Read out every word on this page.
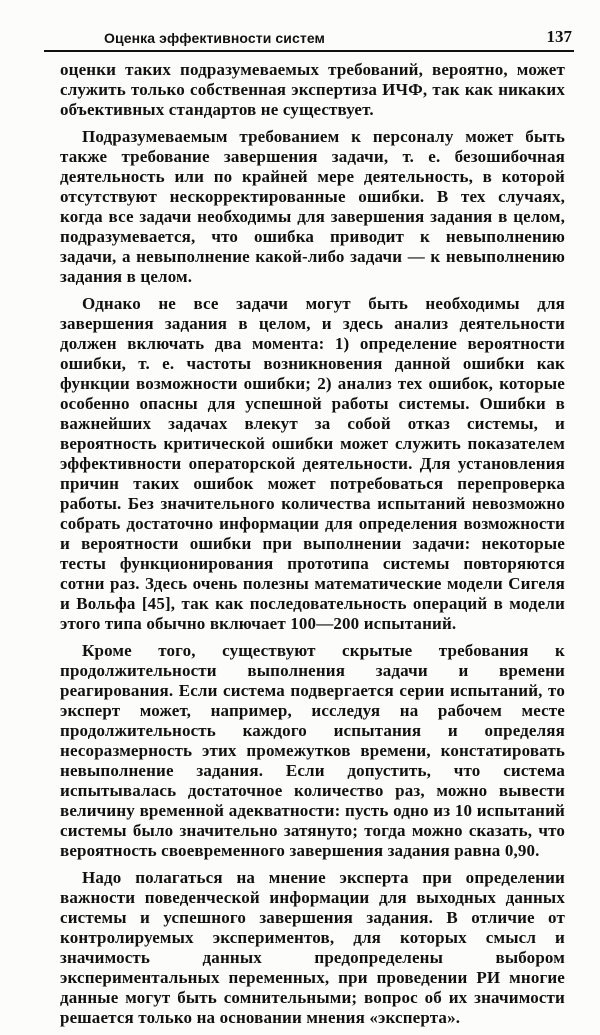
Оценка эффективности систем	137

оценки таких подразумеваемых требований, вероятно, может служить только собственная экспертиза ИЧФ, так как никаких объективных стандартов не существует.

Подразумеваемым требованием к персоналу может быть также требование завершения задачи, т. е. безошибочная деятельность или по крайней мере деятельность, в которой отсутствуют нескорректированные ошибки. В тех случаях, когда все задачи необходимы для завершения задания в целом, подразумевается, что ошибка приводит к невыполнению задачи, а невыполнение какой-либо задачи — к невыполнению задания в целом.

Однако не все задачи могут быть необходимы для завершения задания в целом, и здесь анализ деятельности должен включать два момента: 1) определение вероятности ошибки, т. е. частоты возникновения данной ошибки как функции возможности ошибки; 2) анализ тех ошибок, которые особенно опасны для успешной работы системы. Ошибки в важнейших задачах влекут за собой отказ системы, и вероятность критической ошибки может служить показателем эффективности операторской деятельности. Для установления причин таких ошибок может потребоваться перепроверка работы. Без значительного количества испытаний невозможно собрать достаточно информации для определения возможности и вероятности ошибки при выполнении задачи: некоторые тесты функционирования прототипа системы повторяются сотни раз. Здесь очень полезны математические модели Сигеля и Вольфа [45], так как последовательность операций в модели этого типа обычно включает 100—200 испытаний.

Кроме того, существуют скрытые требования к продолжительности выполнения задачи и времени реагирования. Если система подвергается серии испытаний, то эксперт может, например, исследуя на рабочем месте продолжительность каждого испытания и определяя несоразмерность этих промежутков времени, констатировать невыполнение задания. Если допустить, что система испытывалась достаточное количество раз, можно вывести величину временной адекватности: пусть одно из 10 испытаний системы было значительно затянуто; тогда можно сказать, что вероятность своевременного завершения задания равна 0,90.

Надо полагаться на мнение эксперта при определении важности поведенческой информации для выходных данных системы и успешного завершения задания. В отличие от контролируемых экспериментов, для которых смысл и значимость данных предопределены выбором экспериментальных переменных, при проведении РИ многие данные могут быть сомнительными; вопрос об их значимости решается только на основании мнения «эксперта».
